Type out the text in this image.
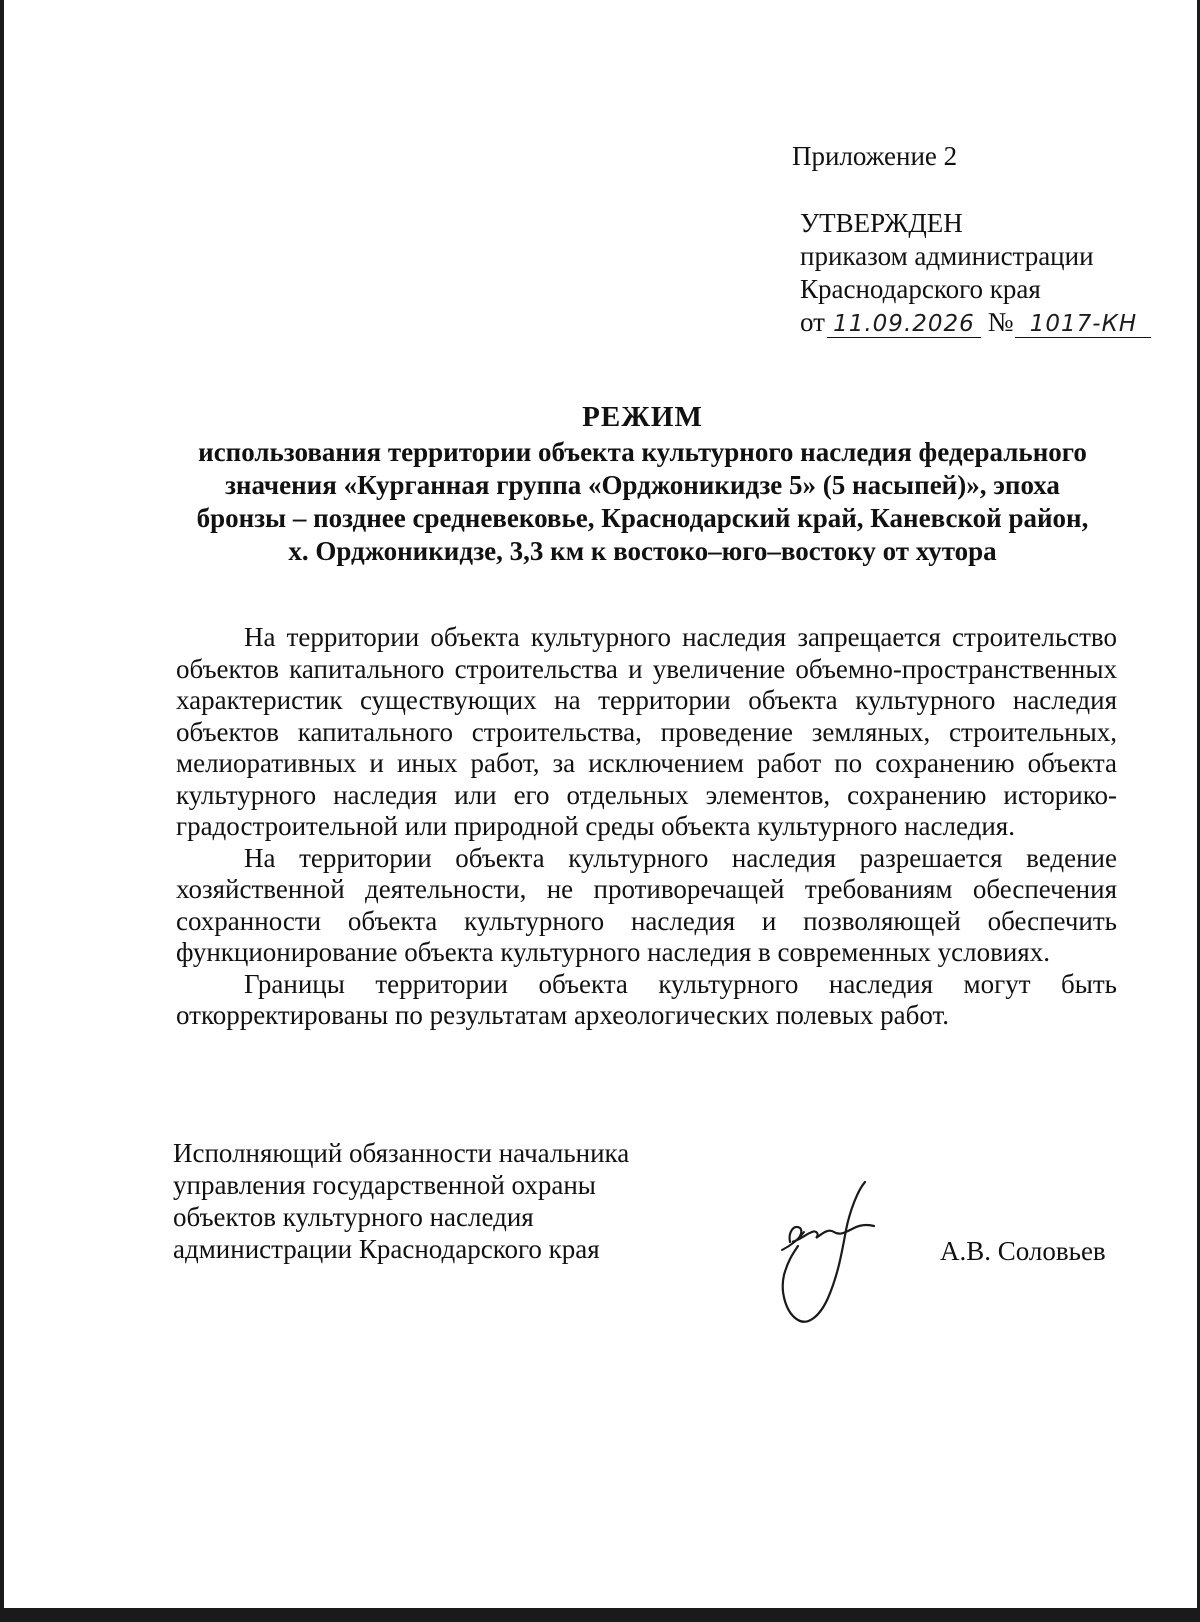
Приложение 2
УТВЕРЖДЕН
приказом администрации
Краснодарского края
от 11.09.2026 № 1017-КН
РЕЖИМ
использования территории объекта культурного наследия федерального
значения «Курганная группа «Орджоникидзе 5» (5 насыпей)», эпоха
бронзы – позднее средневековье, Краснодарский край, Каневской район,
х. Орджоникидзе, 3,3 км к востоко–юго–востоку от хутора

На территории объекта культурного наследия запрещается строительство объектов капитального строительства и увеличение объемно-пространственных характеристик существующих на территории объекта культурного наследия объектов капитального строительства, проведение земляных, строительных, мелиоративных и иных работ, за исключением работ по сохранению объекта культурного наследия или его отдельных элементов, сохранению историко-градостроительной или природной среды объекта культурного наследия.

На территории объекта культурного наследия разрешается ведение хозяйственной деятельности, не противоречащей требованиям обеспечения сохранности объекта культурного наследия и позволяющей обеспечить функционирование объекта культурного наследия в современных условиях.

Границы территории объекта культурного наследия могут быть откорректированы по результатам археологических полевых работ.

Исполняющий обязанности начальника
управления государственной охраны
объектов культурного наследия
администрации Краснодарского края	А.В. Соловьев
